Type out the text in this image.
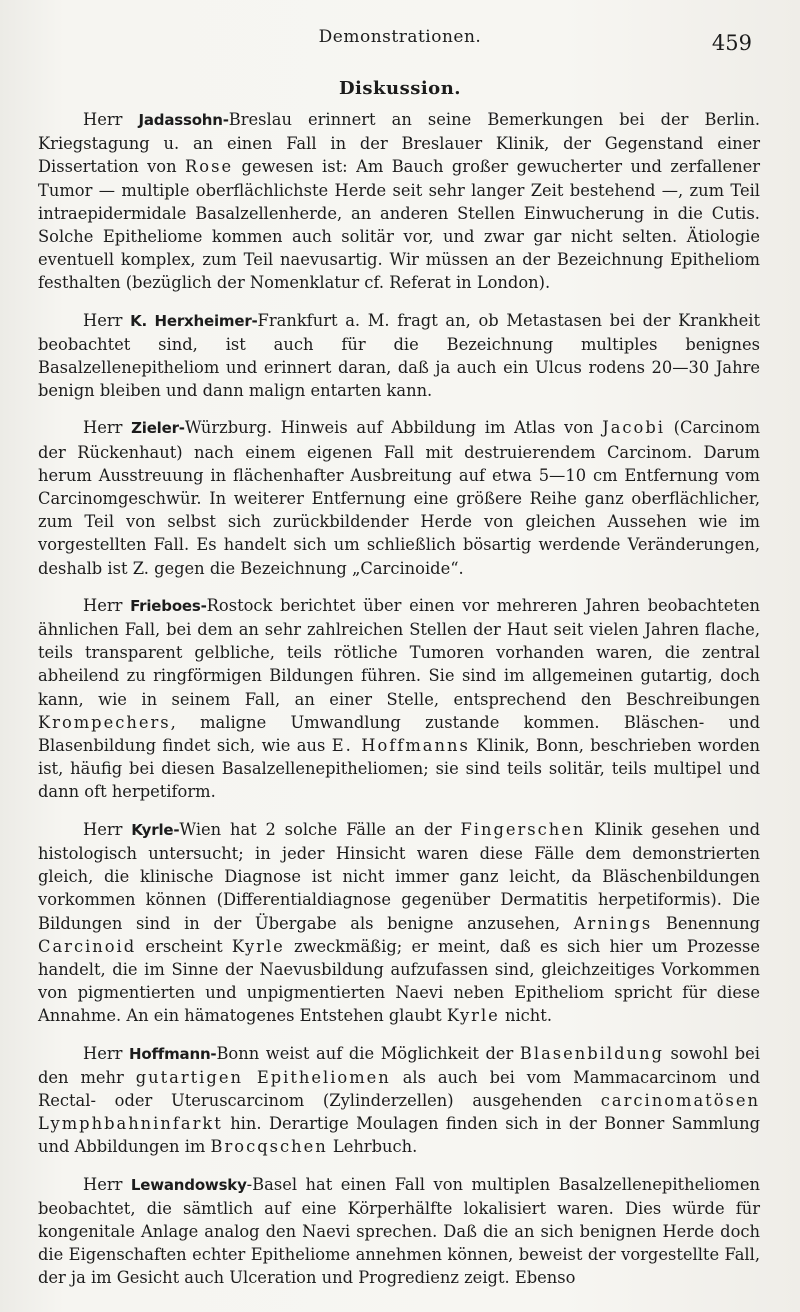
Demonstrationen.	459
Diskussion.

Herr Jadassohn-Breslau erinnert an seine Bemerkungen bei der Berlin. Kriegstagung u. an einen Fall in der Breslauer Klinik, der Gegenstand einer Dissertation von Rose gewesen ist: Am Bauch großer gewucherter und zerfallener Tumor — multiple oberflächlichste Herde seit sehr langer Zeit bestehend —, zum Teil intraepidermidale Basalzellenherde, an anderen Stellen Einwucherung in die Cutis. Solche Epitheliome kommen auch solitär vor, und zwar gar nicht selten. Ätiologie eventuell komplex, zum Teil naevusartig. Wir müssen an der Bezeichnung Epitheliom festhalten (bezüglich der Nomenklatur cf. Referat in London).

Herr K. Herxheimer-Frankfurt a. M. fragt an, ob Metastasen bei der Krankheit beobachtet sind, ist auch für die Bezeichnung multiples benignes Basalzellenepitheliom und erinnert daran, daß ja auch ein Ulcus rodens 20—30 Jahre benign bleiben und dann malign entarten kann.

Herr Zieler-Würzburg. Hinweis auf Abbildung im Atlas von Jacobi (Carcinom der Rückenhaut) nach einem eigenen Fall mit destruierendem Carcinom. Darum herum Ausstreuung in flächenhafter Ausbreitung auf etwa 5—10 cm Entfernung vom Carcinomgeschwür. In weiterer Entfernung eine größere Reihe ganz oberflächlicher, zum Teil von selbst sich zurückbildender Herde von gleichen Aussehen wie im vorgestellten Fall. Es handelt sich um schließlich bösartig werdende Veränderungen, deshalb ist Z. gegen die Bezeichnung „Carcinoide“.

Herr Frieboes-Rostock berichtet über einen vor mehreren Jahren beobachteten ähnlichen Fall, bei dem an sehr zahlreichen Stellen der Haut seit vielen Jahren flache, teils transparent gelbliche, teils rötliche Tumoren vorhanden waren, die zentral abheilend zu ringförmigen Bildungen führen. Sie sind im allgemeinen gutartig, doch kann, wie in seinem Fall, an einer Stelle, entsprechend den Beschreibungen Krompechers, maligne Umwandlung zustande kommen. Bläschen- und Blasenbildung findet sich, wie aus E. Hoffmanns Klinik, Bonn, beschrieben worden ist, häufig bei diesen Basalzellenepitheliomen; sie sind teils solitär, teils multipel und dann oft herpetiform.

Herr Kyrle-Wien hat 2 solche Fälle an der Fingerschen Klinik gesehen und histologisch untersucht; in jeder Hinsicht waren diese Fälle dem demonstrierten gleich, die klinische Diagnose ist nicht immer ganz leicht, da Bläschenbildungen vorkommen können (Differentialdiagnose gegenüber Dermatitis herpetiformis). Die Bildungen sind in der Übergabe als benigne anzusehen, Arnings Benennung Carcinoid erscheint Kyrle zweckmäßig; er meint, daß es sich hier um Prozesse handelt, die im Sinne der Naevusbildung aufzufassen sind, gleichzeitiges Vorkommen von pigmentierten und unpigmentierten Naevi neben Epitheliom spricht für diese Annahme. An ein hämatogenes Entstehen glaubt Kyrle nicht.

Herr Hoffmann-Bonn weist auf die Möglichkeit der Blasenbildung sowohl bei den mehr gutartigen Epitheliomen als auch bei vom Mammacarcinom und Rectal- oder Uteruscarcinom (Zylinderzellen) ausgehenden carcinomatösen Lymphbahninfarkt hin. Derartige Moulagen finden sich in der Bonner Sammlung und Abbildungen im Brocqschen Lehrbuch.

Herr Lewandowsky-Basel hat einen Fall von multiplen Basalzellenepitheliomen beobachtet, die sämtlich auf eine Körperhälfte lokalisiert waren. Dies würde für kongenitale Anlage analog den Naevi sprechen. Daß die an sich benignen Herde doch die Eigenschaften echter Epitheliome annehmen können, beweist der vorgestellte Fall, der ja im Gesicht auch Ulceration und Progredienz zeigt. Ebenso
